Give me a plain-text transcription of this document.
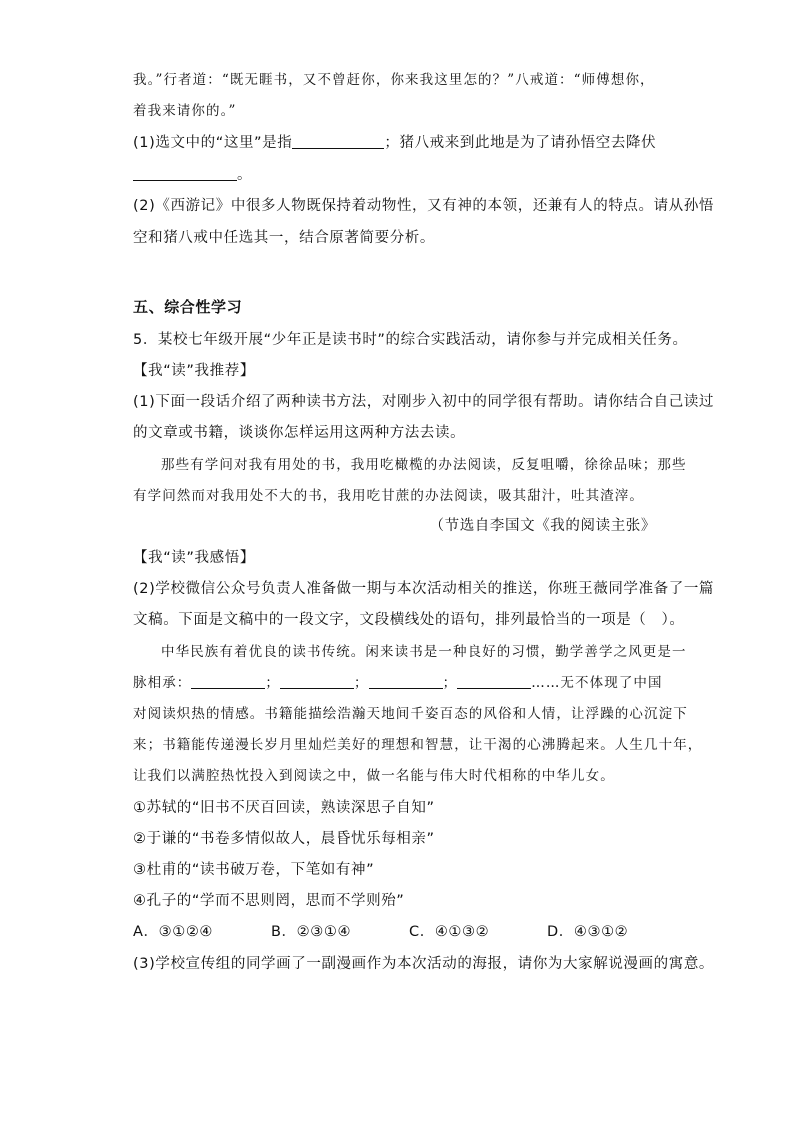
我。”行者道：“既无睚书，又不曾赶你，你来我这里怎的？”八戒道：“师傅想你，
着我来请你的。”
(1)选文中的“这里”是指	；猪八戒来到此地是为了请孙悟空去降伏
。
(2)《西游记》中很多人物既保持着动物性，又有神的本领，还兼有人的特点。请从孙悟
空和猪八戒中任选其一，结合原著简要分析。
五、综合性学习
5．某校七年级开展“少年正是读书时”的综合实践活动，请你参与并完成相关任务。
【我“读”我推荐】
(1)下面一段话介绍了两种读书方法，对刚步入初中的同学很有帮助。请你结合自己读过
的文章或书籍，谈谈你怎样运用这两种方法去读。
那些有学问对我有用处的书，我用吃橄榄的办法阅读，反复咀嚼，徐徐品味；那些
有学问然而对我用处不大的书，我用吃甘蔗的办法阅读，吸其甜汁，吐其渣滓。
（节选自李国文《我的阅读主张》
【我“读”我感悟】
(2)学校微信公众号负责人准备做一期与本次活动相关的推送，你班王薇同学准备了一篇
文稿。下面是文稿中的一段文字，文段横线处的语句，排列最恰当的一项是（　）。
中华民族有着优良的读书传统。闲来读书是一种良好的习惯，勤学善学之风更是一
脉相承：	；	；	；	……无不体现了中国
对阅读炽热的情感。书籍能描绘浩瀚天地间千姿百态的风俗和人情，让浮躁的心沉淀下
来；书籍能传递漫长岁月里灿烂美好的理想和智慧，让干渴的心沸腾起来。人生几十年，
让我们以满腔热忱投入到阅读之中，做一名能与伟大时代相称的中华儿女。
①苏轼的“旧书不厌百回读，熟读深思子自知”
②于谦的“书卷多情似故人，晨昏忧乐每相亲”
③杜甫的“读书破万卷，下笔如有神”
④孔子的“学而不思则罔，思而不学则殆”
A．③①②④	B．②③①④	C．④①③②	D．④③①②
(3)学校宣传组的同学画了一副漫画作为本次活动的海报，请你为大家解说漫画的寓意。
